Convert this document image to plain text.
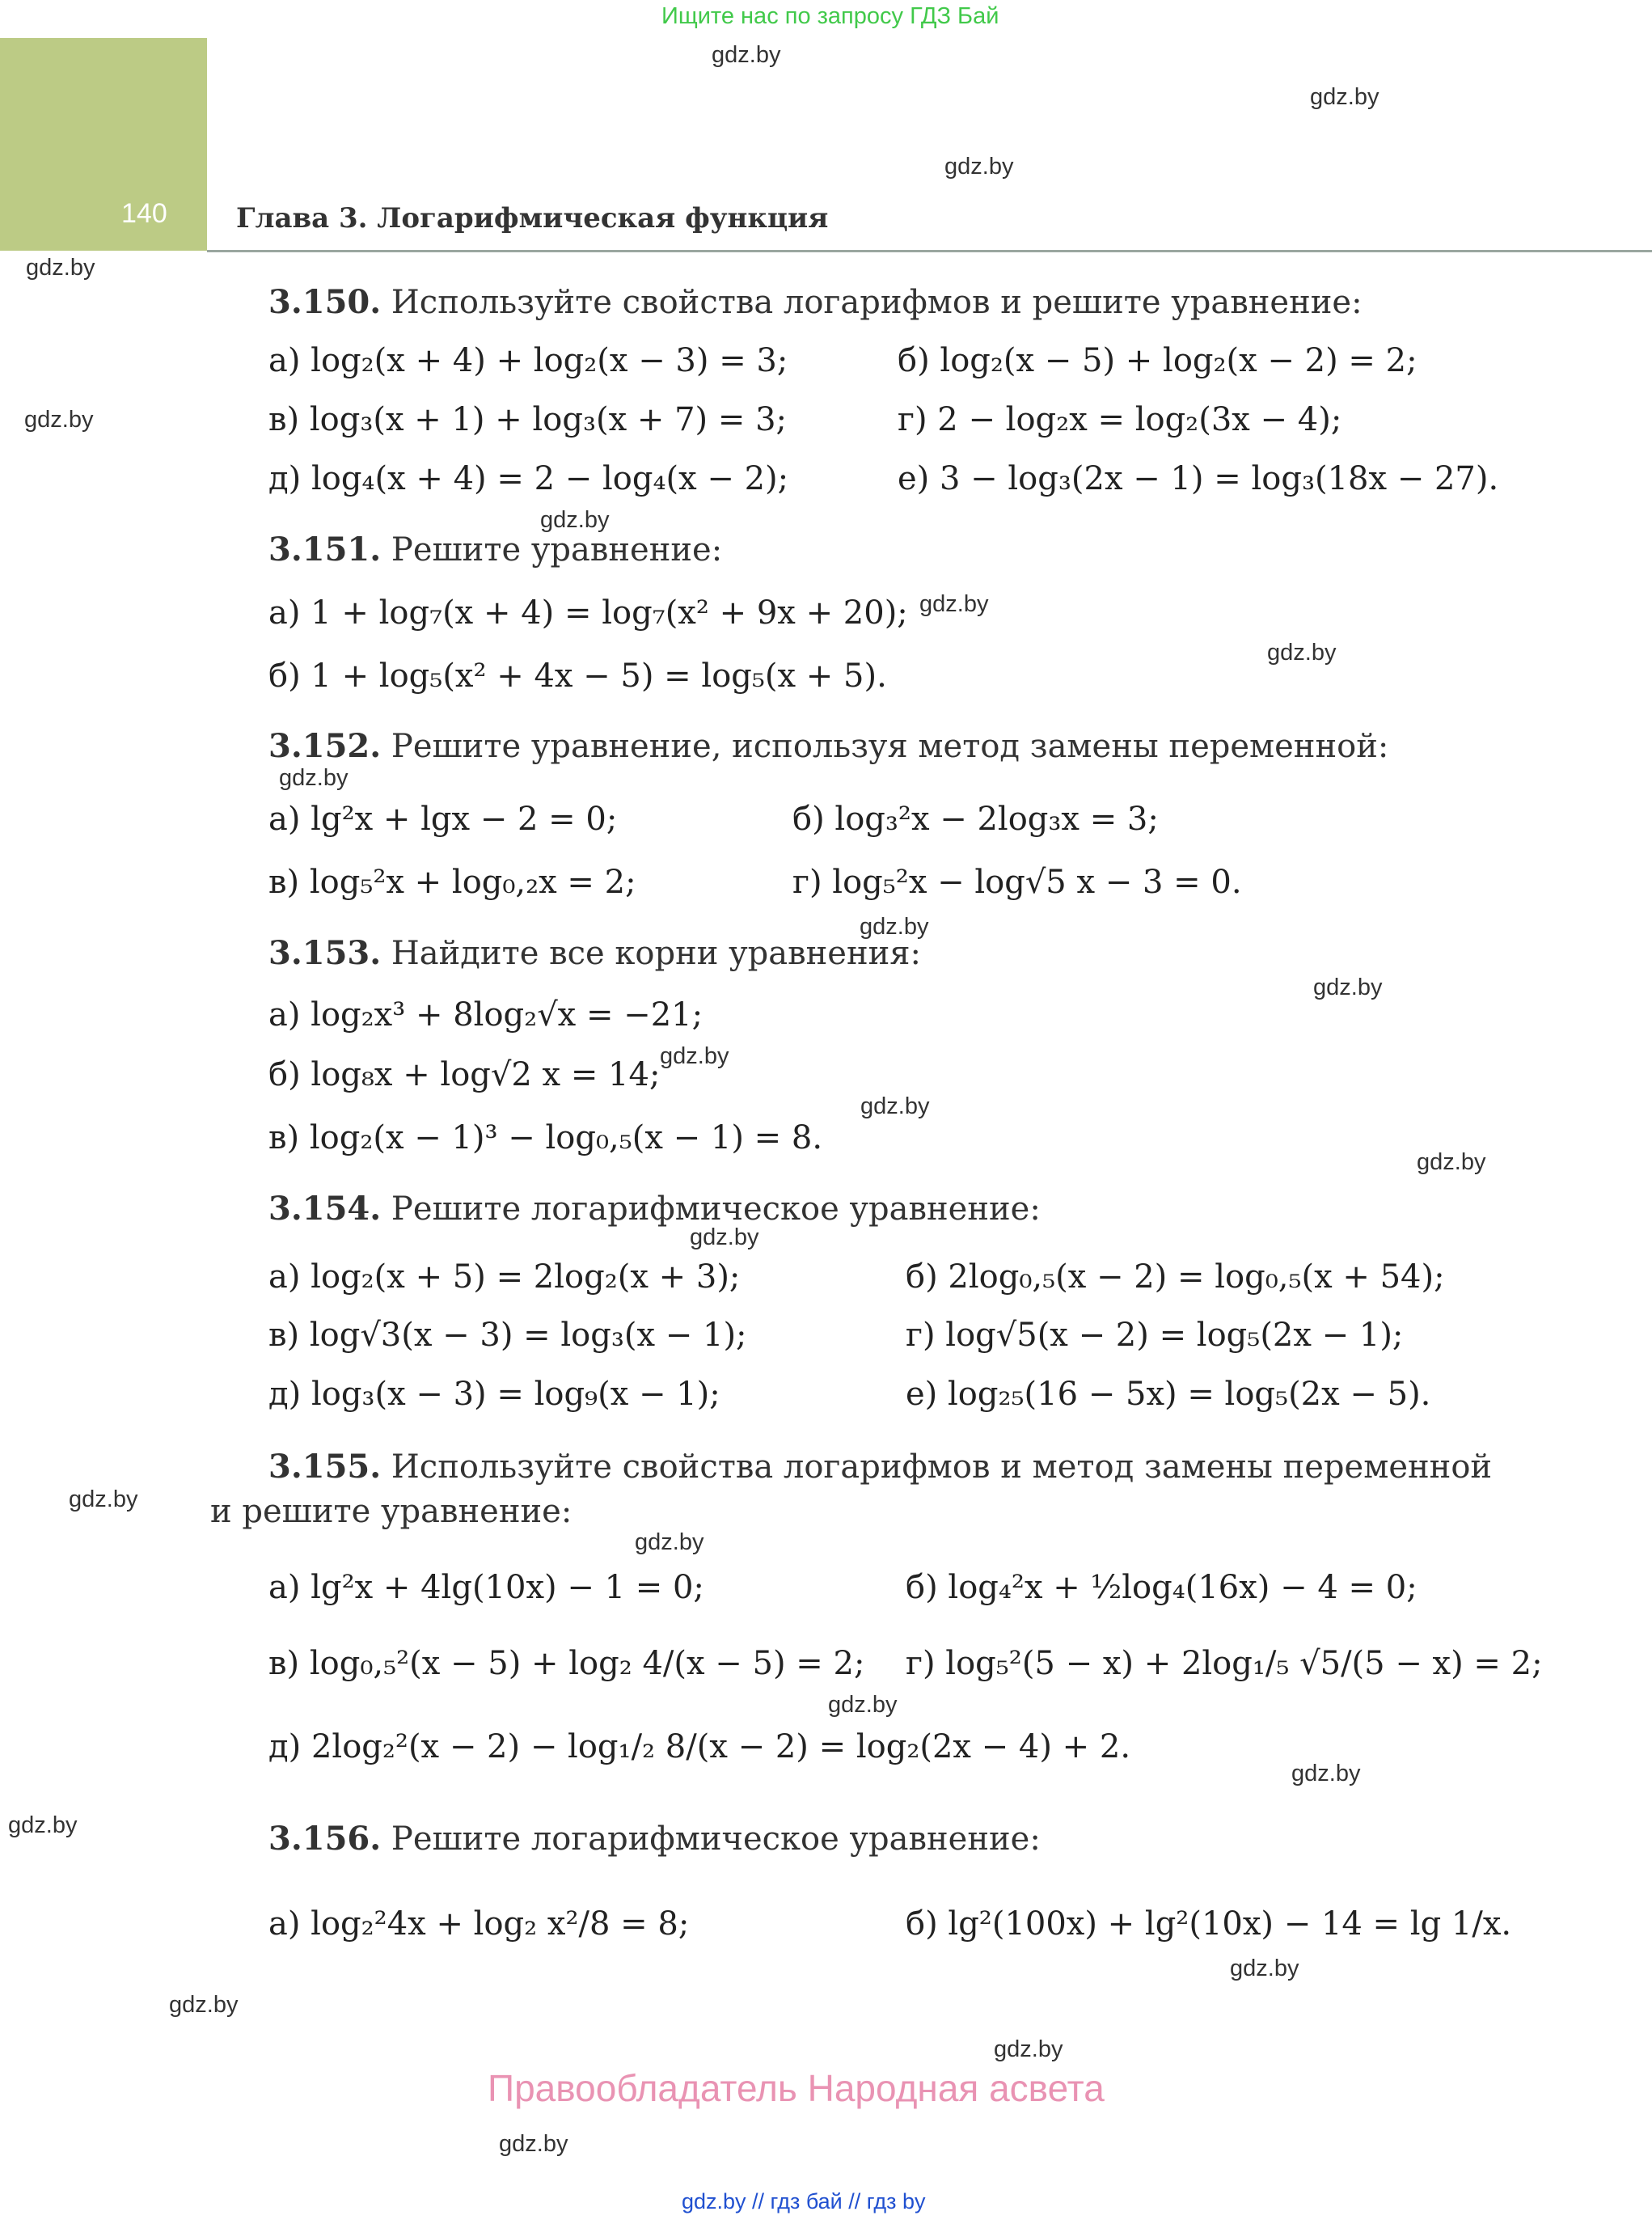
Ищите нас по запросу ГДЗ Бай
140	Глава 3. Логарифмическая функция
gdz.by
gdz.by
gdz.by
gdz.by
gdz.by
gdz.by
gdz.by
gdz.by
gdz.by
gdz.by
gdz.by
gdz.by
gdz.by
gdz.by
gdz.by
gdz.by
gdz.by
gdz.by
gdz.by
gdz.by
gdz.by
gdz.by
gdz.by
gdz.by
3.150. Используйте свойства логарифмов и решите уравнение:
а) log₂(x + 4) + log₂(x − 3) = 3;	б) log₂(x − 5) + log₂(x − 2) = 2;
в) log₃(x + 1) + log₃(x + 7) = 3;	г) 2 − log₂x = log₂(3x − 4);
д) log₄(x + 4) = 2 − log₄(x − 2);	е) 3 − log₃(2x − 1) = log₃(18x − 27).
3.151. Решите уравнение:
а) 1 + log₇(x + 4) = log₇(x² + 9x + 20);
б) 1 + log₅(x² + 4x − 5) = log₅(x + 5).
3.152. Решите уравнение, используя метод замены переменной:
а) lg²x + lgx − 2 = 0;	б) log₃²x − 2log₃x = 3;
в) log₅²x + log₀,₂x = 2;	г) log₅²x − log√5 x − 3 = 0.
3.153. Найдите все корни уравнения:
а) log₂x³ + 8log₂√x = −21;
б) log₈x + log√2 x = 14;
в) log₂(x − 1)³ − log₀,₅(x − 1) = 8.
3.154. Решите логарифмическое уравнение:
а) log₂(x + 5) = 2log₂(x + 3);	б) 2log₀,₅(x − 2) = log₀,₅(x + 54);
в) log√3(x − 3) = log₃(x − 1);	г) log√5(x − 2) = log₅(2x − 1);
д) log₃(x − 3) = log₉(x − 1);	е) log₂₅(16 − 5x) = log₅(2x − 5).
3.155. Используйте свойства логарифмов и метод замены переменной
и решите уравнение:
а) lg²x + 4lg(10x) − 1 = 0;	б) log₄²x + ½log₄(16x) − 4 = 0;
в) log₀,₅²(x − 5) + log₂ 4/(x − 5) = 2; г) log₅²(5 − x) + 2log₁/₅ √5/(5 − x) = 2;
д) 2log₂²(x − 2) − log₁/₂ 8/(x − 2) = log₂(2x − 4) + 2.
3.156. Решите логарифмическое уравнение:
а) log₂²4x + log₂ x²/8 = 8;	б) lg²(100x) + lg²(10x) − 14 = lg 1/x.
Правообладатель Народная асвета
gdz.by // гдз бай // гдз by
